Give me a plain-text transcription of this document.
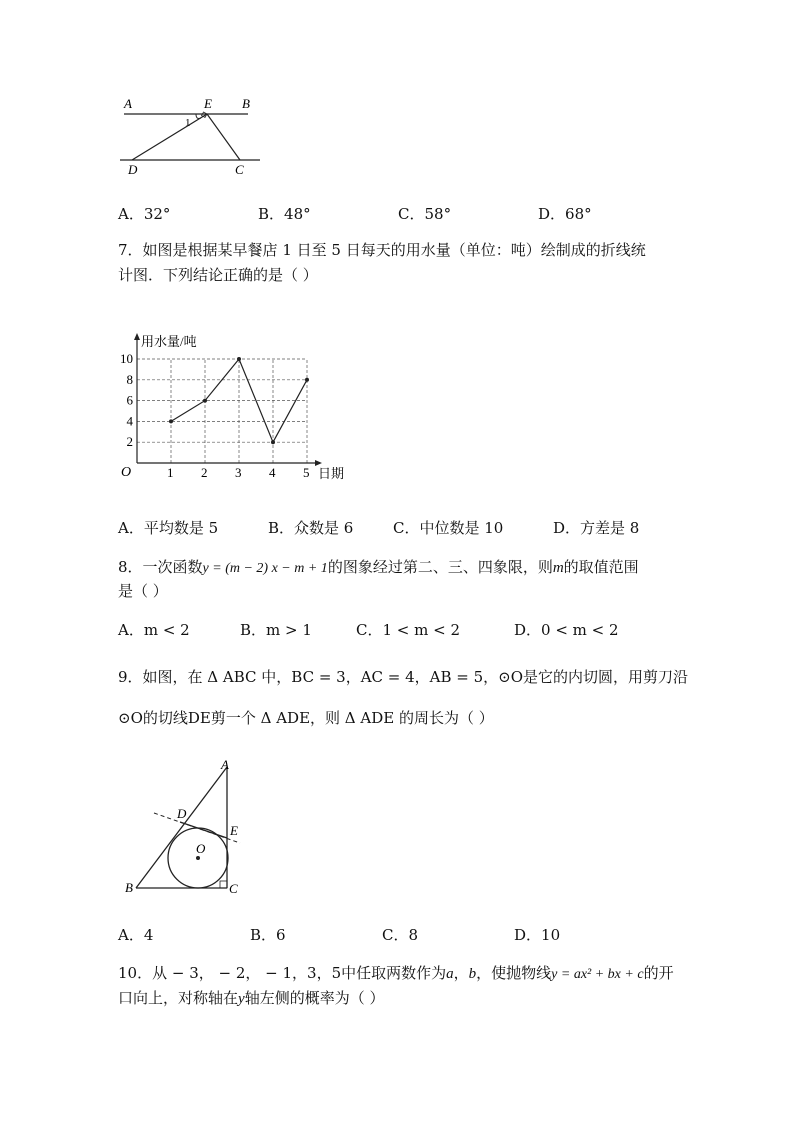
A	E B
D	C
1
A．32°	B．48°	C．58°	D．68°
7．如图是根据某早餐店 1 日至 5 日每天的用水量（单位：吨）绘制成的折线统
计图．下列结论正确的是（ ）
用水量/吨
日期
O	1 2 3 4 5
2
4
6
8
10
A．平均数是 5	B．众数是 6	C．中位数是 10	D．方差是 8
8．一次函数y = (m − 2) x − m + 1的图象经过第二、三、四象限，则m的取值范围
是（ ）
A．m < 2	B．m > 1	C．1 < m < 2	D．0 < m < 2
9．如图，在 Δ ABC 中，BC = 3，AC = 4，AB = 5，⊙O是它的内切圆，用剪刀沿
⊙O的切线DE剪一个 Δ ADE，则 Δ ADE 的周长为（ ）
A
D
E
O
B	C
A．4	B．6	C．8	D．10
10．从 − 3， − 2， − 1，3，5中任取两数作为a，b，使抛物线y = ax² + bx + c的开
口向上，对称轴在y轴左侧的概率为（ ）
